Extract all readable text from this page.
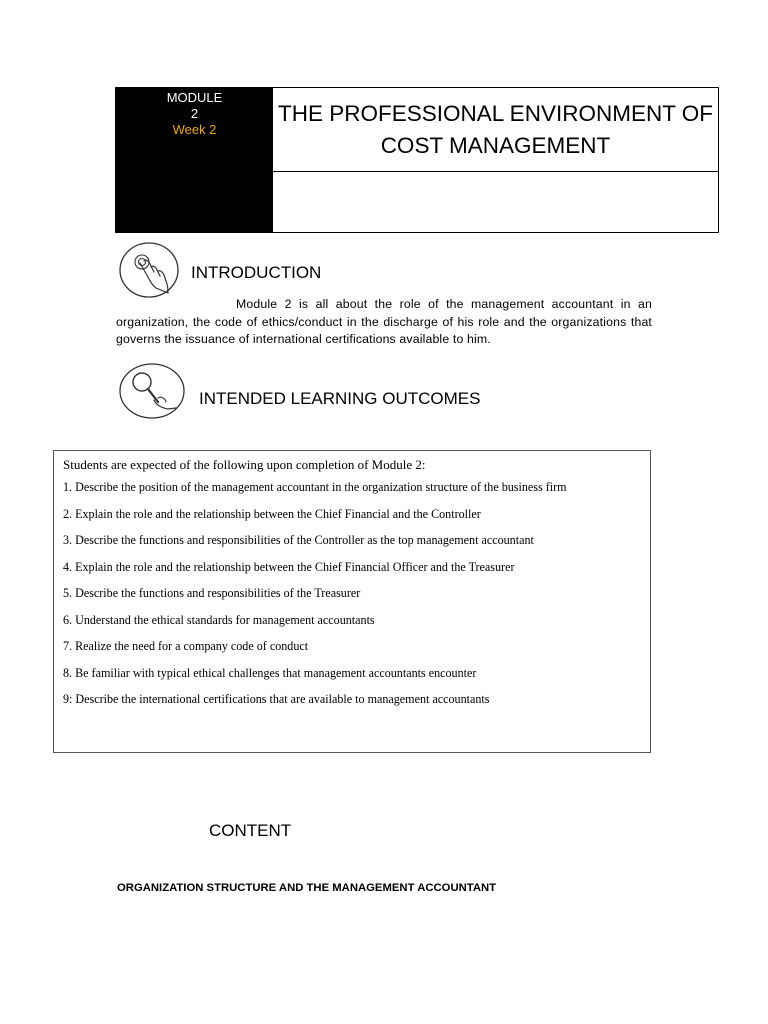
MODULE
2
Week 2
THE PROFESSIONAL ENVIRONMENT OF COST MANAGEMENT
INTRODUCTION
Module 2 is all about the role of the management accountant in an organization, the code of ethics/conduct in the discharge of his role and the organizations that governs the issuance of international certifications available to him.
INTENDED LEARNING OUTCOMES
Students are expected of the following upon completion of Module 2:
1. Describe the position of the management accountant in the organization structure of the business firm
2. Explain the role and the relationship between the Chief Financial and the Controller
3. Describe the functions and responsibilities of the Controller as the top management accountant
4. Explain the role and the relationship between the Chief Financial Officer and the Treasurer
5. Describe the functions and responsibilities of the Treasurer
6. Understand the ethical standards for management accountants
7. Realize the need for a company code of conduct
8. Be familiar with typical ethical challenges that management accountants encounter
9: Describe the international certifications that are available to management accountants
CONTENT
ORGANIZATION STRUCTURE AND THE MANAGEMENT ACCOUNTANT
